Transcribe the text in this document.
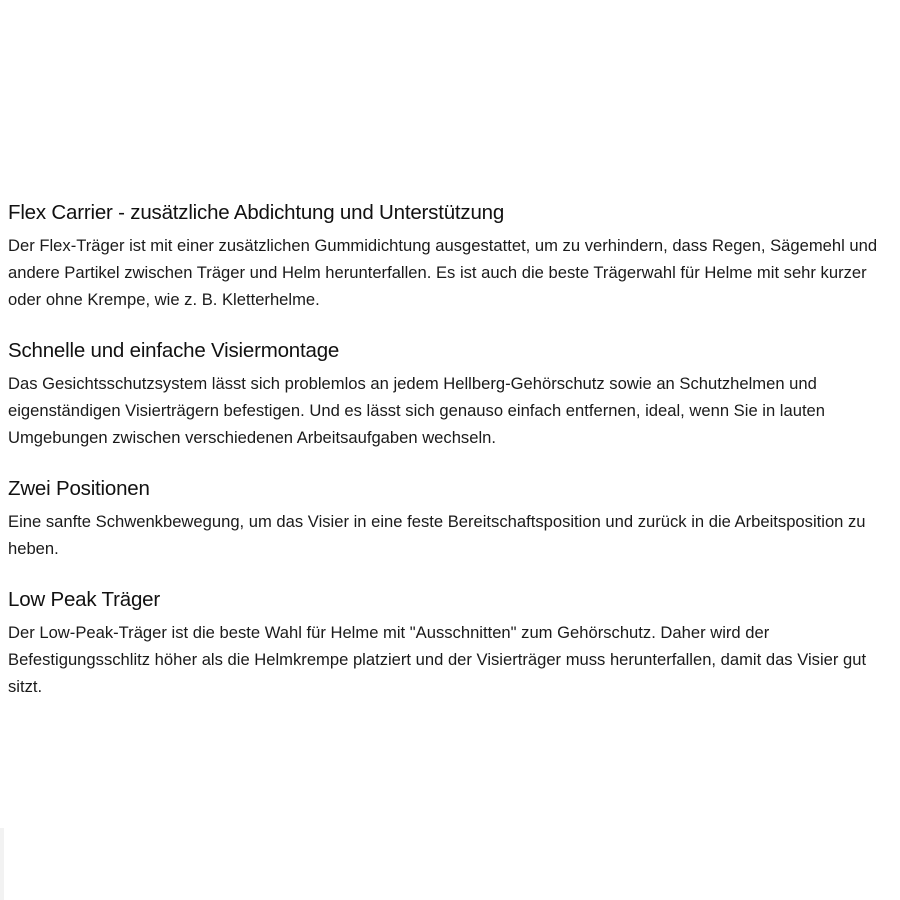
Flex Carrier - zusätzliche Abdichtung und Unterstützung

Der Flex-Träger ist mit einer zusätzlichen Gummidichtung ausgestattet, um zu verhindern, dass Regen, Sägemehl und andere Partikel zwischen Träger und Helm herunterfallen. Es ist auch die beste Trägerwahl für Helme mit sehr kurzer oder ohne Krempe, wie z. B. Kletterhelme.

Schnelle und einfache Visiermontage

Das Gesichtsschutzsystem lässt sich problemlos an jedem Hellberg-Gehörschutz sowie an Schutzhelmen und eigenständigen Visierträgern befestigen. Und es lässt sich genauso einfach entfernen, ideal, wenn Sie in lauten Umgebungen zwischen verschiedenen Arbeitsaufgaben wechseln.

Zwei Positionen

Eine sanfte Schwenkbewegung, um das Visier in eine feste Bereitschaftsposition und zurück in die Arbeitsposition zu heben.

Low Peak Träger

Der Low-Peak-Träger ist die beste Wahl für Helme mit "Ausschnitten" zum Gehörschutz. Daher wird der Befestigungsschlitz höher als die Helmkrempe platziert und der Visierträger muss herunterfallen, damit das Visier gut sitzt.
